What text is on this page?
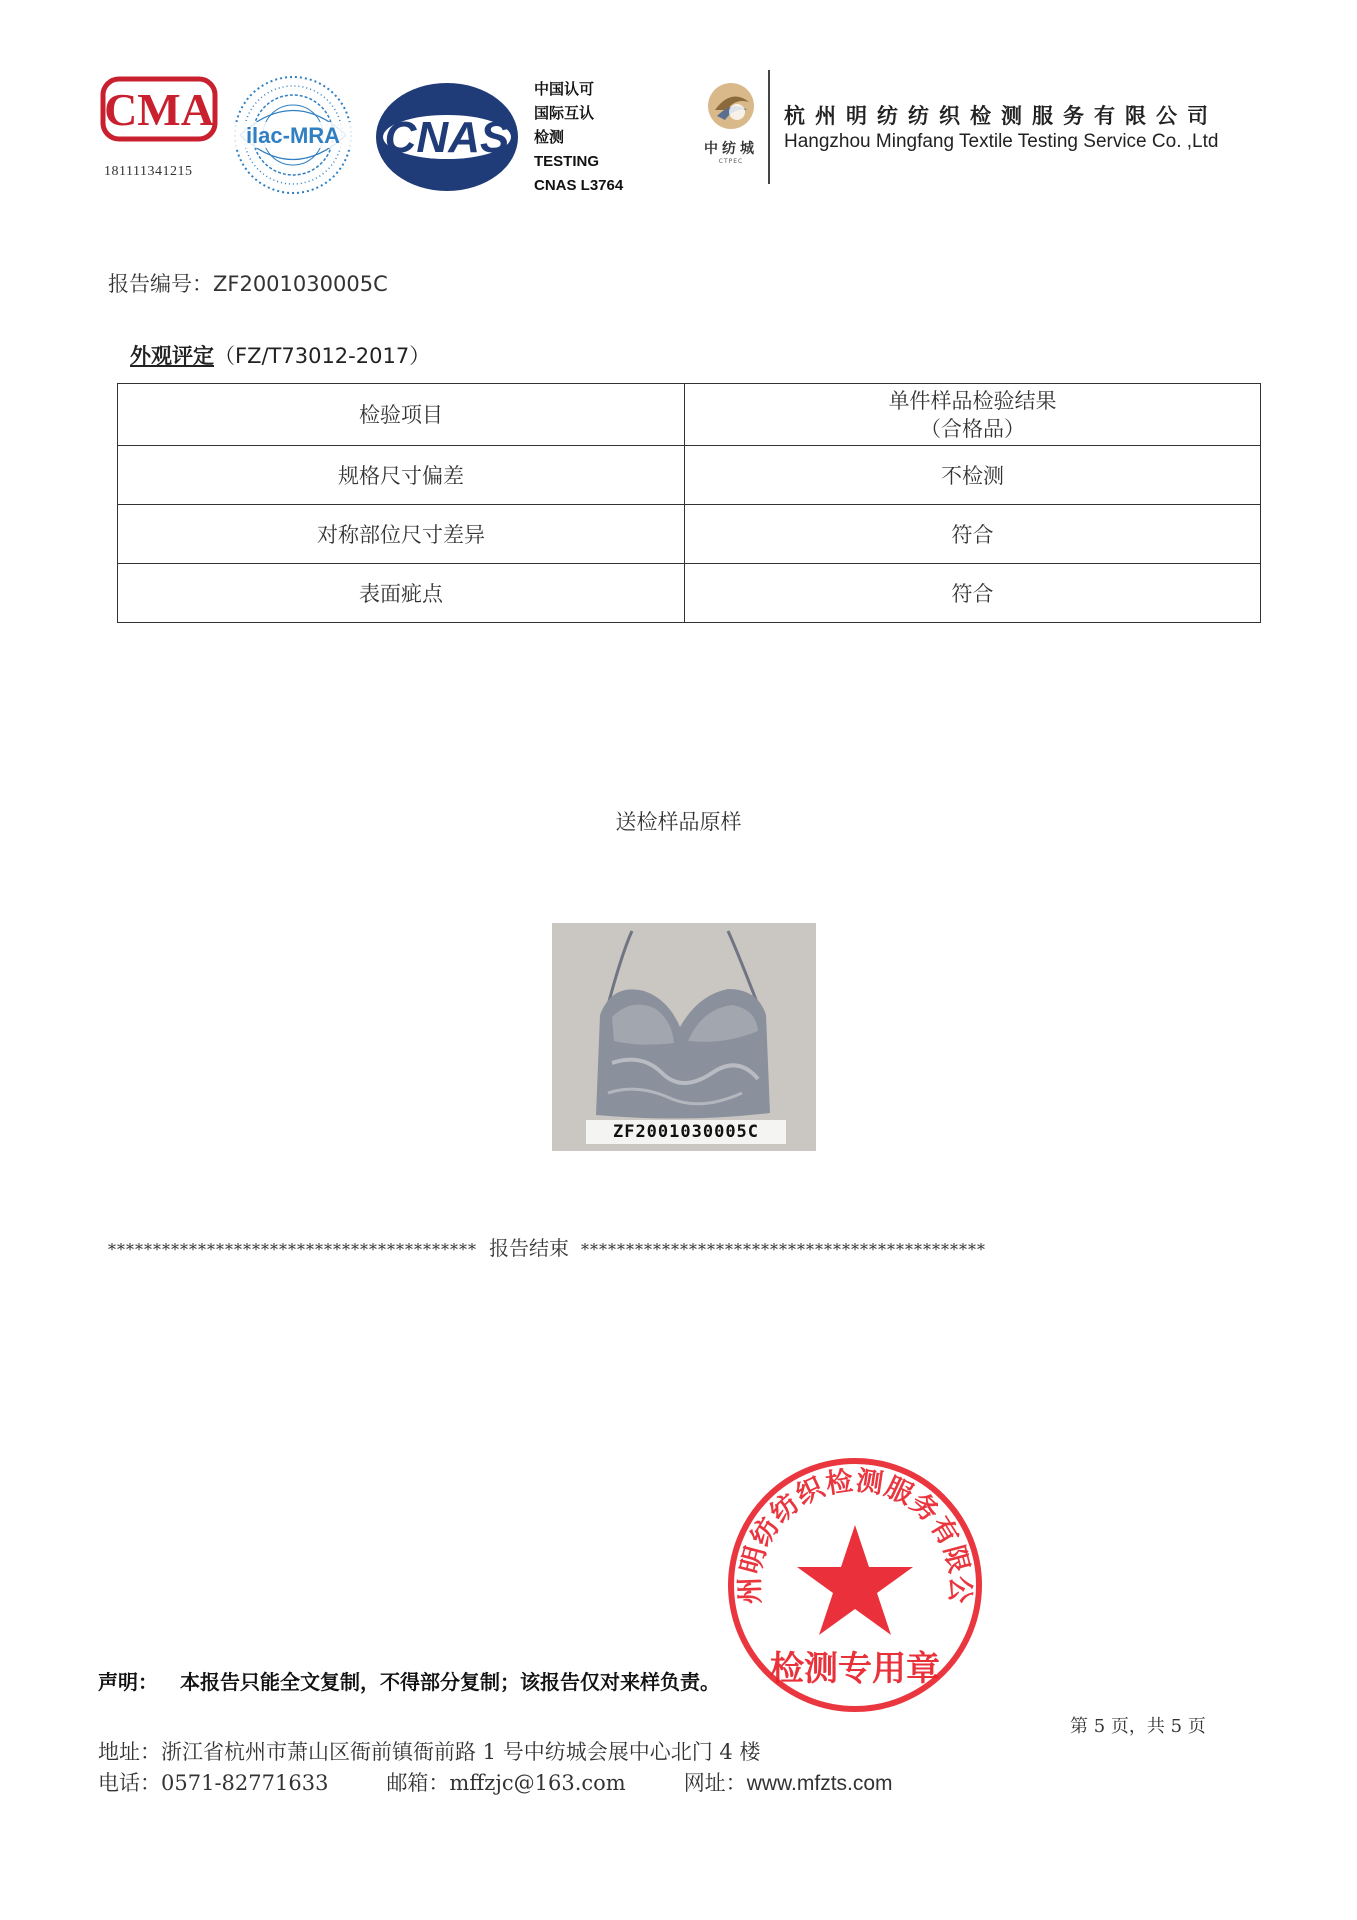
CMA
181111341215
ilac-MRA CNAS
中国认可
国际互认
检测
TESTING
CNAS L3764
中纺城
CTPEC
杭州明纺纺织检测服务有限公司
Hangzhou Mingfang Textile Testing Service Co. ,Ltd
报告编号：ZF2001030005C
外观评定（FZ/T73012-2017）
检验项目	单件样品检验结果
（合格品）

规格尺寸偏差	不检测
对称部位尺寸差异	符合
表面疵点	符合
送检样品原样
ZF2001030005C
***************************************** 报告结束 *********************************************
州明纺纺织检测服务有限公
检测专用章
声明： 本报告只能全文复制，不得部分复制；该报告仅对来样负责。
第 5 页，共 5 页
地址：浙江省杭州市萧山区衙前镇衙前路 1 号中纺城会展中心北门 4 楼
电话：0571-82771633	邮箱：mffzjc@163.com	网址：www.mfzts.com
